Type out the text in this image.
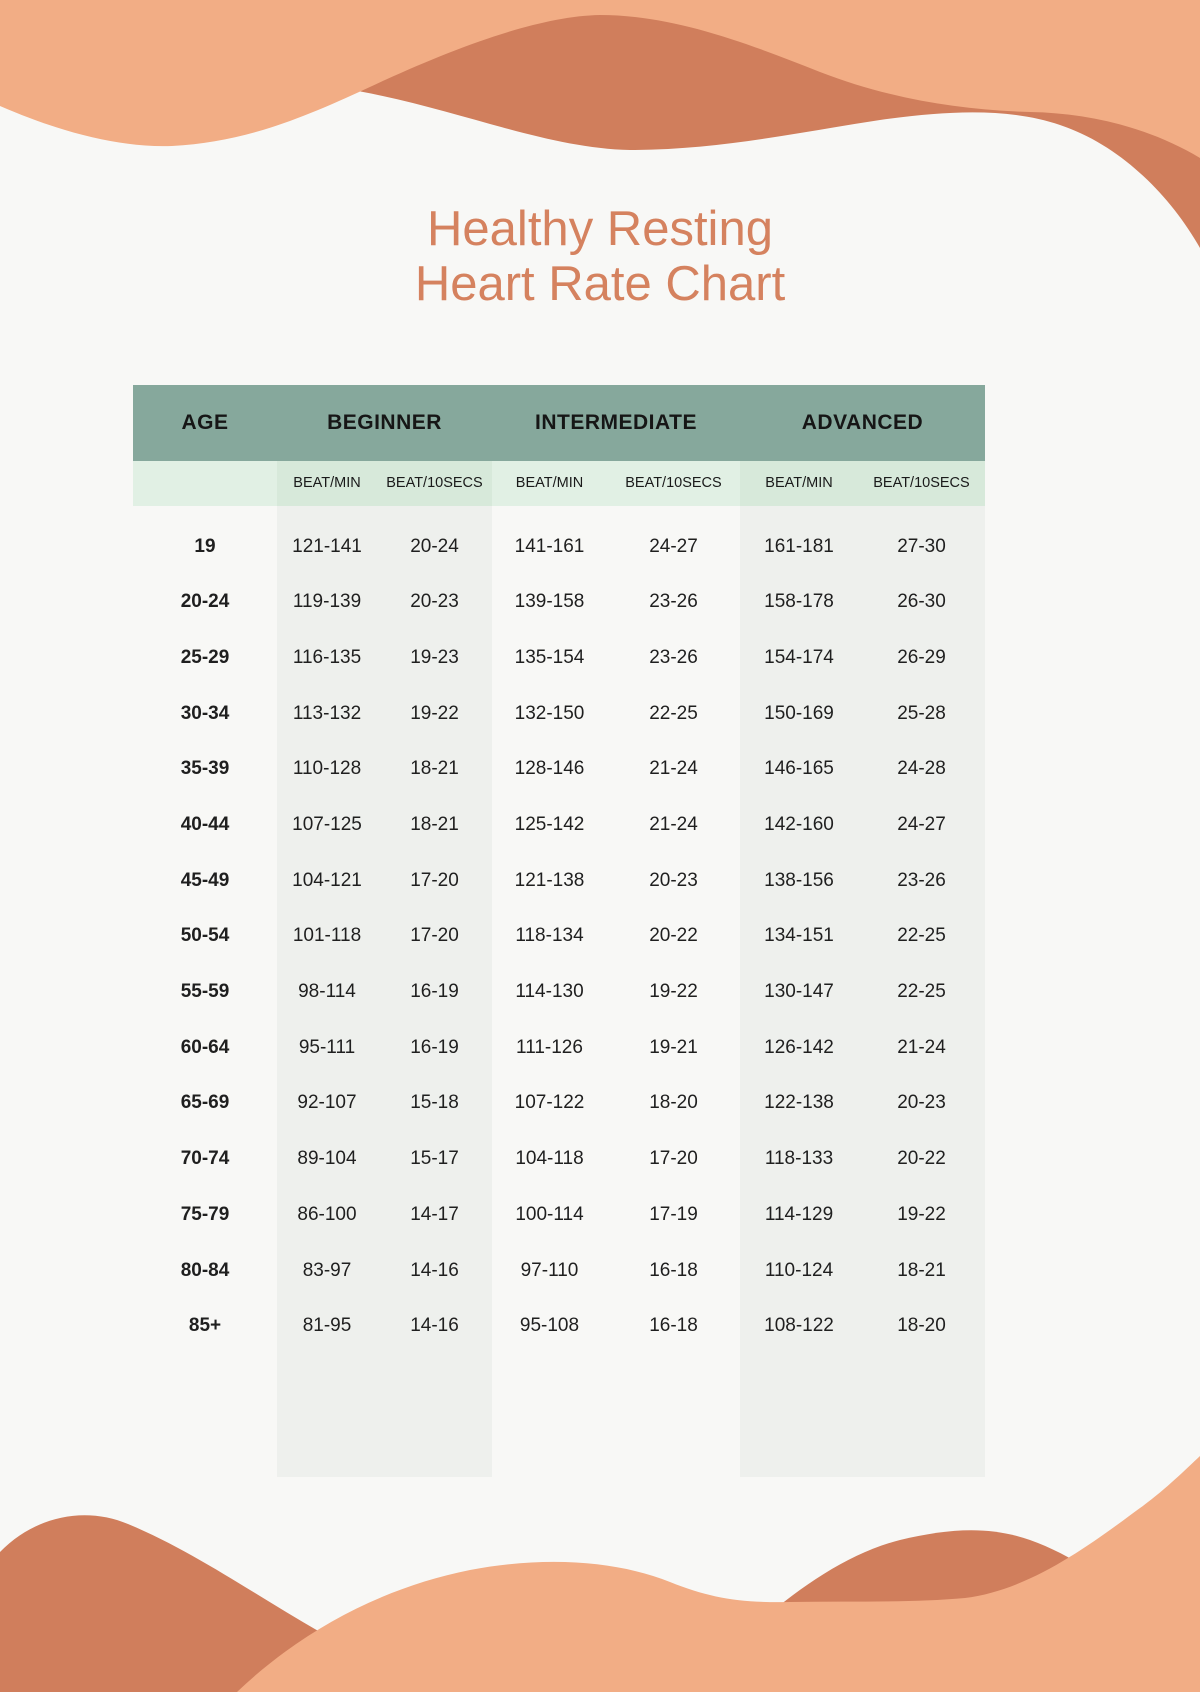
Healthy Resting
Heart Rate Chart
AGE	BEGINNER	INTERMEDIATE	ADVANCED
BEAT/MIN	BEAT/10SECS	BEAT/MIN	BEAT/10SECS	BEAT/MIN	BEAT/10SECS
19	121-141	20-24	141-161	24-27	161-181	27-30
20-24	119-139	20-23	139-158	23-26	158-178	26-30
25-29	116-135	19-23	135-154	23-26	154-174	26-29
30-34	113-132	19-22	132-150	22-25	150-169	25-28
35-39	110-128	18-21	128-146	21-24	146-165	24-28
40-44	107-125	18-21	125-142	21-24	142-160	24-27
45-49	104-121	17-20	121-138	20-23	138-156	23-26
50-54	101-118	17-20	118-134	20-22	134-151	22-25
55-59	98-114	16-19	114-130	19-22	130-147	22-25
60-64	95-111	16-19	111-126	19-21	126-142	21-24
65-69	92-107	15-18	107-122	18-20	122-138	20-23
70-74	89-104	15-17	104-118	17-20	118-133	20-22
75-79	86-100	14-17	100-114	17-19	114-129	19-22
80-84	83-97	14-16	97-110	16-18	110-124	18-21
85+	81-95	14-16	95-108	16-18	108-122	18-20
